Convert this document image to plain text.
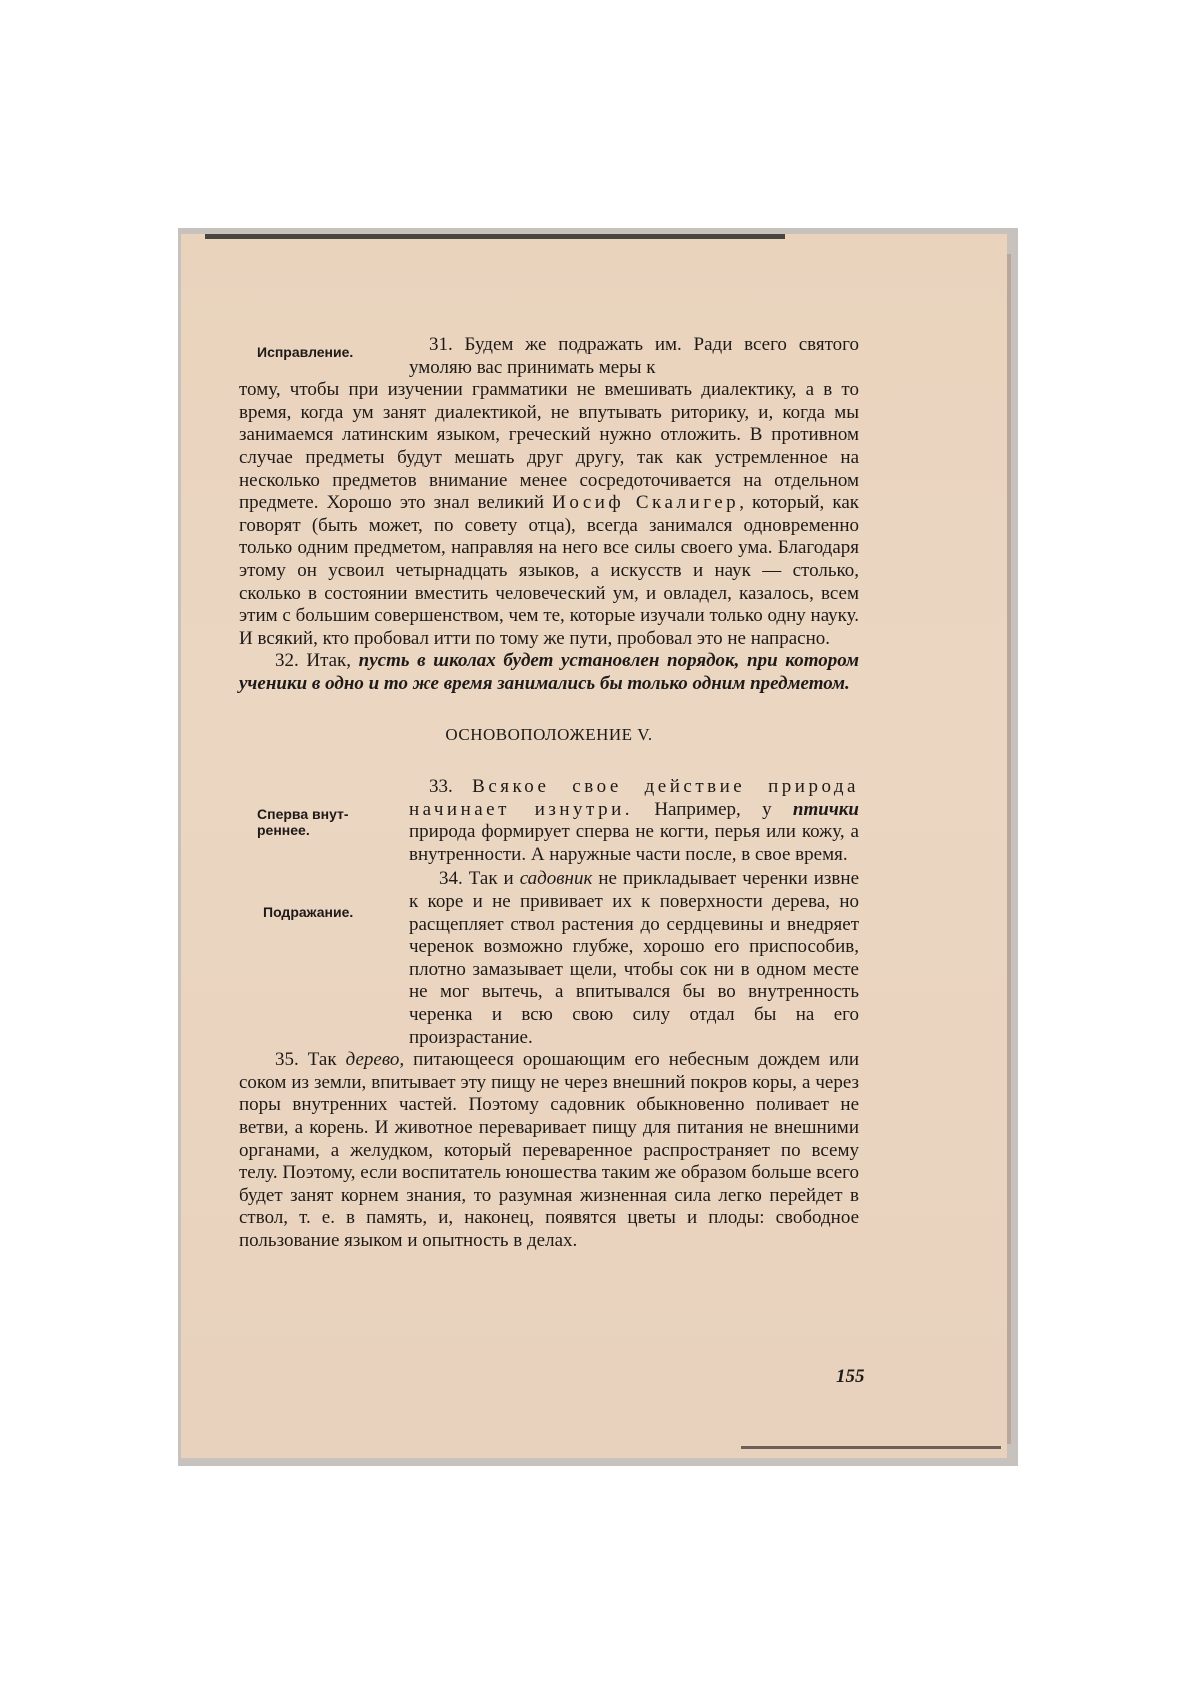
Исправление.
Сперва внут-
реннее.
Подражание.

31. Будем же подражать им. Ради всего святого умоляю вас принимать меры к

тому, чтобы при изучении грамматики не вмешивать диалектику, а в то время, когда ум занят диалектикой, не впутывать риторику, и, когда мы занимаемся латинским языком, греческий нужно отложить. В противном случае предметы будут мешать друг другу, так как устремленное на несколько предметов внимание менее сосредоточивается на отдельном предмете. Хорошо это знал великий Иосиф Скалигер, который, как говорят (быть может, по совету отца), всегда занимался одновременно только одним предметом, направляя на него все силы своего ума. Благодаря этому он усвоил четырнадцать языков, а искусств и наук — столько, сколько в состоянии вместить человеческий ум, и овладел, казалось, всем этим с большим совершенством, чем те, которые изучали только одну науку. И всякий, кто пробовал итти по тому же пути, пробовал это не напрасно.

32. Итак, пусть в школах будет установлен порядок, при котором ученики в одно и то же время занимались бы только одним предметом.

ОСНОВОПОЛОЖЕНИЕ V.

33. Всякое свое действие природа начинает изнутри. Например, у птички природа формирует сперва не когти, перья или кожу, а внутренности. А наружные части после, в свое время.

34. Так и садовник не прикладывает черенки извне к коре и не прививает их к поверхности дерева, но расщепляет ствол растения до сердцевины и внедряет черенок возможно глубже, хорошо его приспособив, плотно замазывает щели, чтобы сок ни в одном месте не мог вытечь, а впитывался бы во внутренность черенка и всю свою силу отдал бы на его произрастание.

35. Так дерево, питающееся орошающим его небесным дождем или соком из земли, впитывает эту пищу не через внешний покров коры, а через поры внутренних частей. Поэтому садовник обыкновенно поливает не ветви, а корень. И животное переваривает пищу для питания не внешними органами, а желудком, который переваренное распространяет по всему телу. Поэтому, если воспитатель юношества таким же образом больше всего будет занят корнем знания, то разумная жизненная сила легко перейдет в ствол, т. е. в память, и, наконец, появятся цветы и плоды: свободное пользование языком и опытность в делах.

155
